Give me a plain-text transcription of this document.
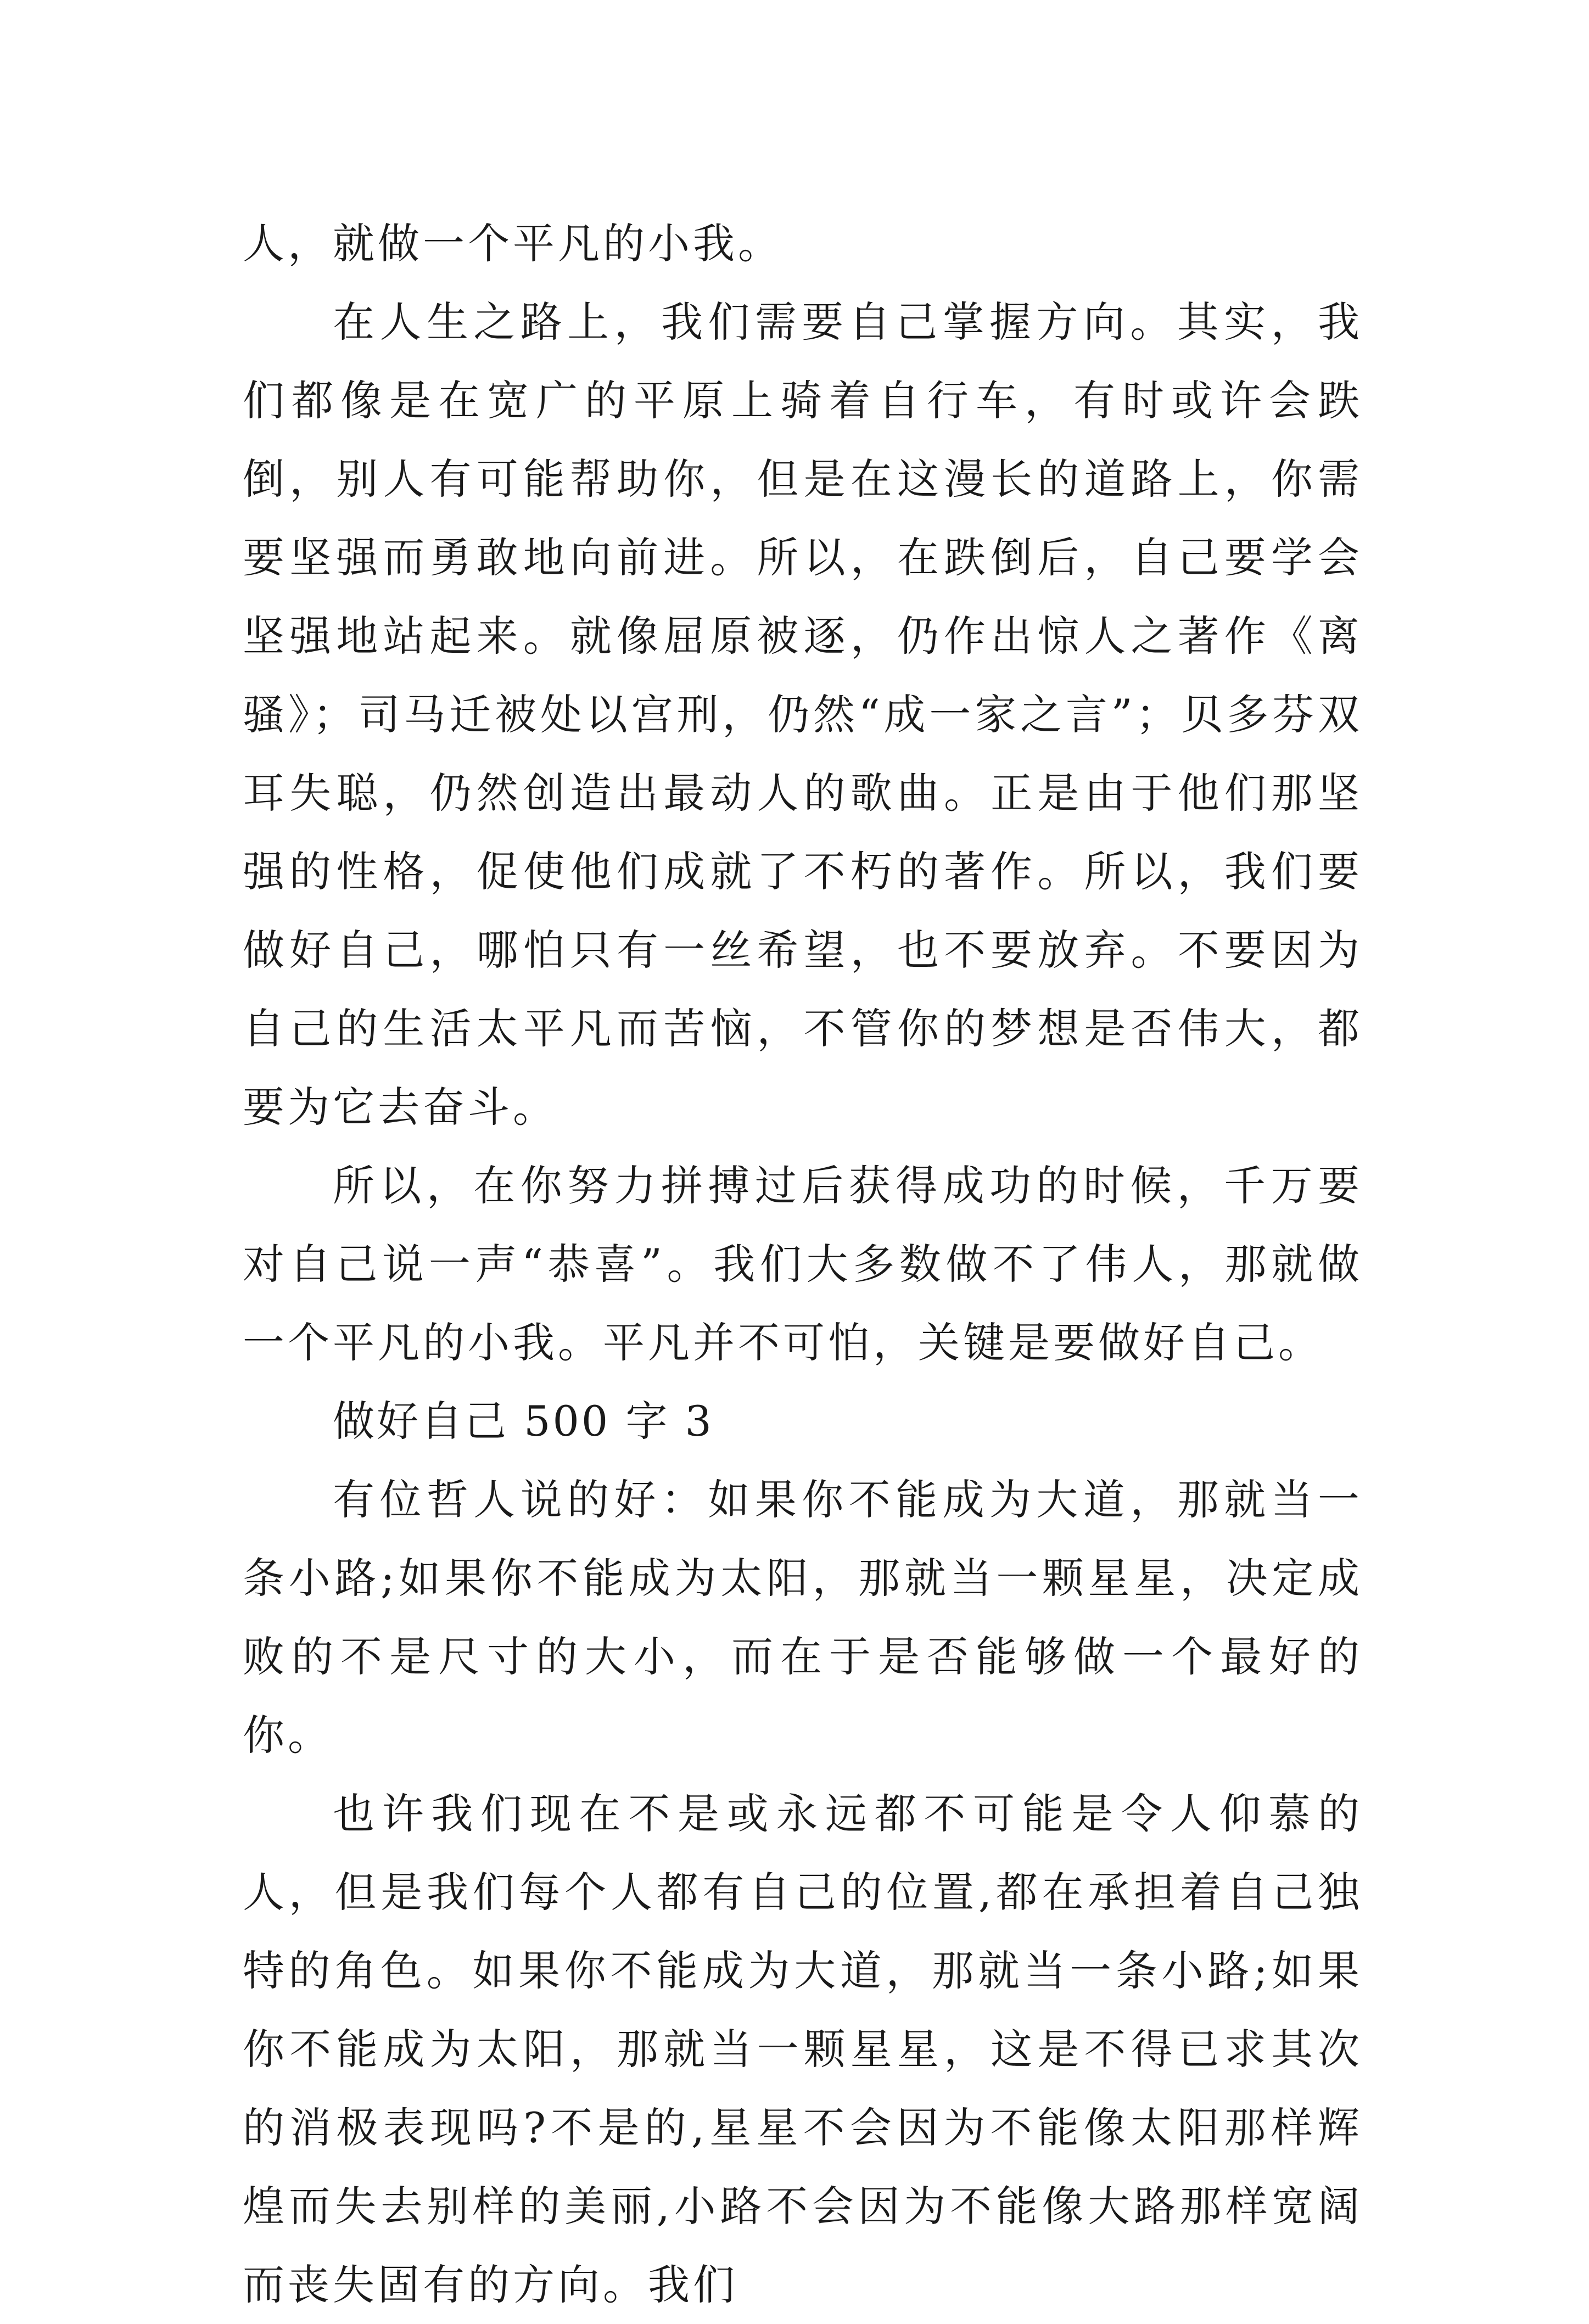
人，就做一个平凡的小我。

在人生之路上，我们需要自己掌握方向。其实，我们都像是在宽广的平原上骑着自行车，有时或许会跌倒，别人有可能帮助你，但是在这漫长的道路上，你需要坚强而勇敢地向前进。所以，在跌倒后，自己要学会坚强地站起来。就像屈原被逐，仍作出惊人之著作《离骚》；司马迁被处以宫刑，仍然“成一家之言”；贝多芬双耳失聪，仍然创造出最动人的歌曲。正是由于他们那坚强的性格，促使他们成就了不朽的著作。所以，我们要做好自己，哪怕只有一丝希望，也不要放弃。不要因为自己的生活太平凡而苦恼，不管你的梦想是否伟大，都要为它去奋斗。

所以，在你努力拼搏过后获得成功的时候，千万要对自己说一声“恭喜”。我们大多数做不了伟人，那就做一个平凡的小我。平凡并不可怕，关键是要做好自己。

做好自己 500 字 3

有位哲人说的好：如果你不能成为大道，那就当一条小路;如果你不能成为太阳，那就当一颗星星，决定成败的不是尺寸的大小，而在于是否能够做一个最好的你。

也许我们现在不是或永远都不可能是令人仰慕的人，但是我们每个人都有自己的位置,都在承担着自己独特的角色。如果你不能成为大道，那就当一条小路;如果你不能成为太阳，那就当一颗星星，这是不得已求其次的消极表现吗?不是的,星星不会因为不能像太阳那样辉煌而失去别样的美丽,小路不会因为不能像大路那样宽阔而丧失固有的方向。我们
